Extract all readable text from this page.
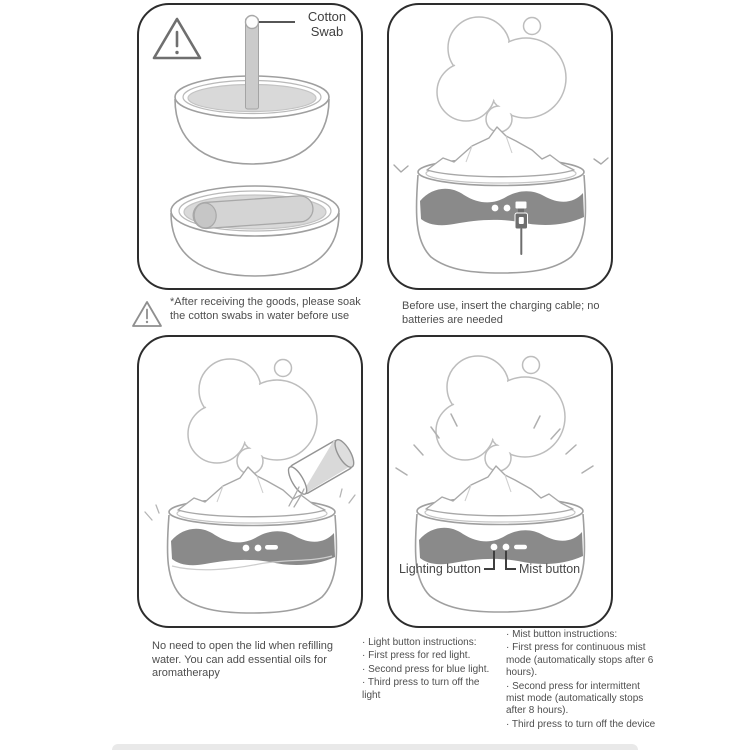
Cotton Swab
Lighting button	Mist button
*After receiving the goods, please soak the cotton swabs in water before use
Before use, insert the charging cable; no batteries are needed
No need to open the lid when refilling water. You can add essential oils for aromatherapy
· Light button instructions:
· First press for red light.
· Second press for blue light.
· Third press to turn off the light
· Mist button instructions:
· First press for continuous mist mode (automatically stops after 6 hours).
· Second press for intermittent mist mode (automatically stops after 8 hours).
· Third press to turn off the device
